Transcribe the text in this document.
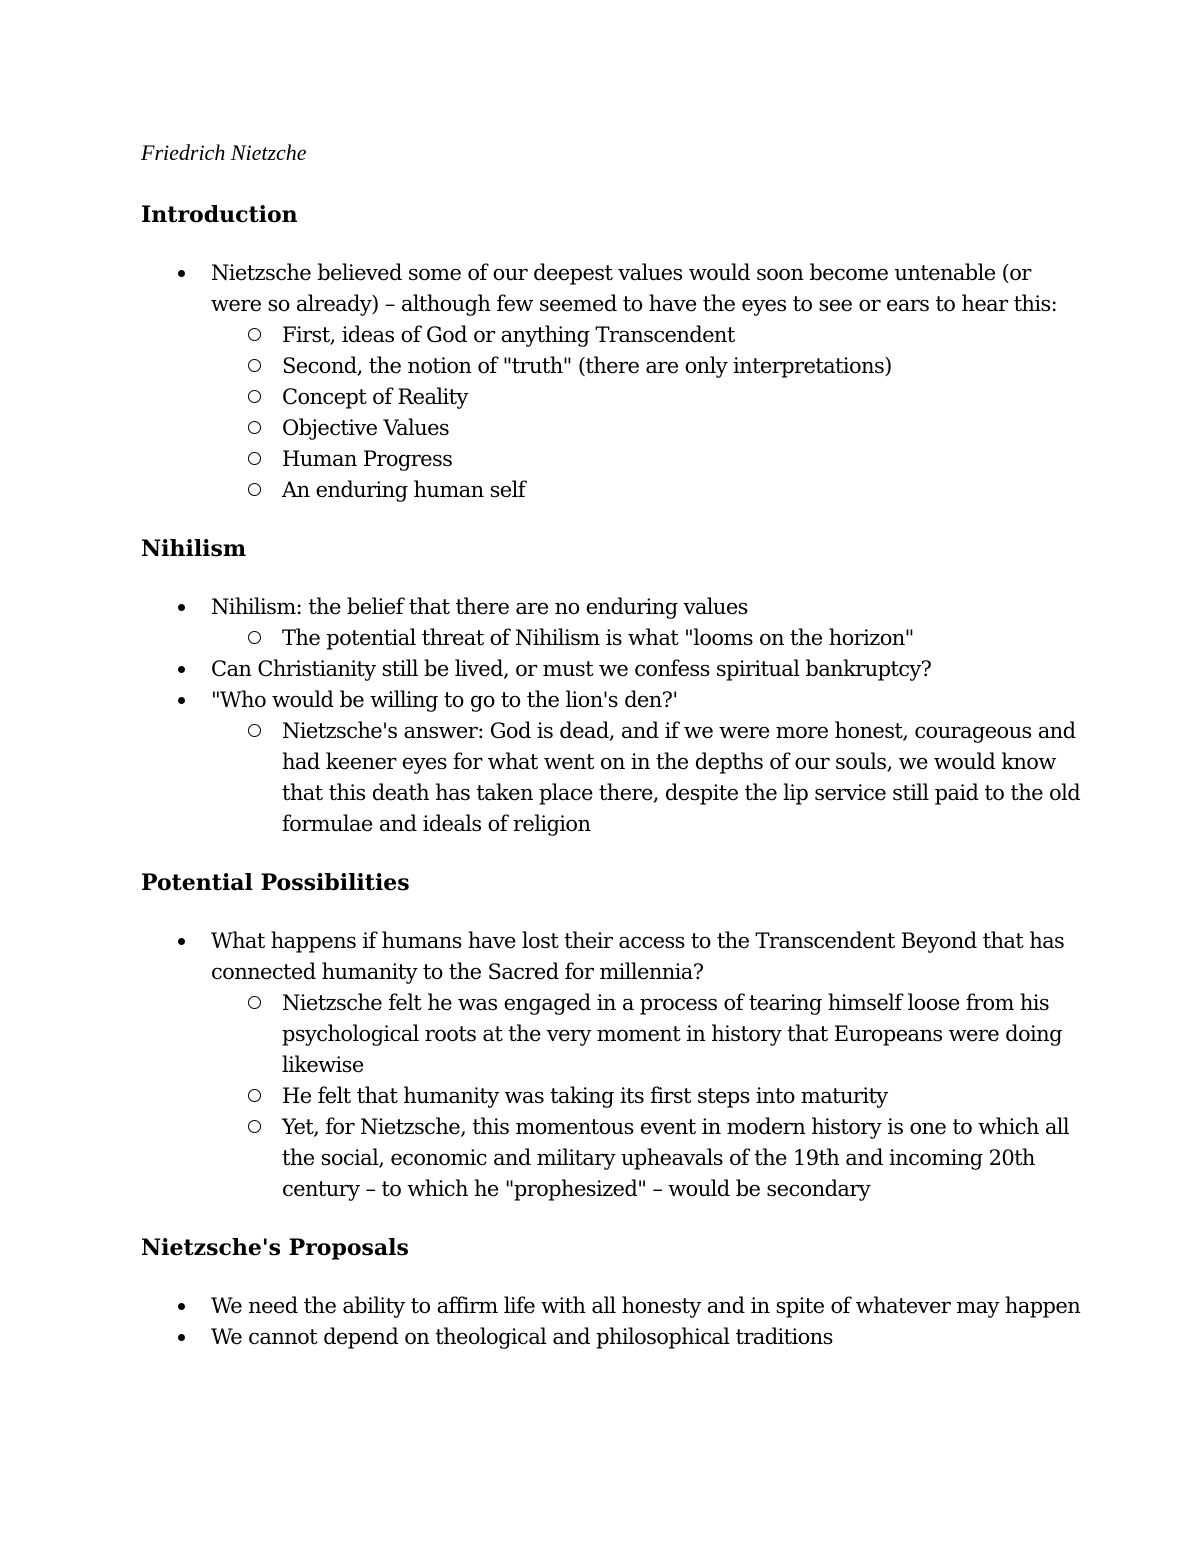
Friedrich Nietzche
Introduction
Nietzsche believed some of our deepest values would soon become untenable (or were so already) – although few seemed to have the eyes to see or ears to hear this:
First, ideas of God or anything Transcendent
Second, the notion of "truth" (there are only interpretations)
Concept of Reality
Objective Values
Human Progress
An enduring human self
Nihilism
Nihilism: the belief that there are no enduring values
The potential threat of Nihilism is what "looms on the horizon"
Can Christianity still be lived, or must we confess spiritual bankruptcy?
"Who would be willing to go to the lion's den?'
Nietzsche's answer: God is dead, and if we were more honest, courageous and had keener eyes for what went on in the depths of our souls, we would know that this death has taken place there, despite the lip service still paid to the old formulae and ideals of religion
Potential Possibilities
What happens if humans have lost their access to the Transcendent Beyond that has connected humanity to the Sacred for millennia?
Nietzsche felt he was engaged in a process of tearing himself loose from his psychological roots at the very moment in history that Europeans were doing likewise
He felt that humanity was taking its first steps into maturity
Yet, for Nietzsche, this momentous event in modern history is one to which all the social, economic and military upheavals of the 19th and incoming 20th century – to which he "prophesized" – would be secondary
Nietzsche's Proposals
We need the ability to affirm life with all honesty and in spite of whatever may happen
We cannot depend on theological and philosophical traditions
